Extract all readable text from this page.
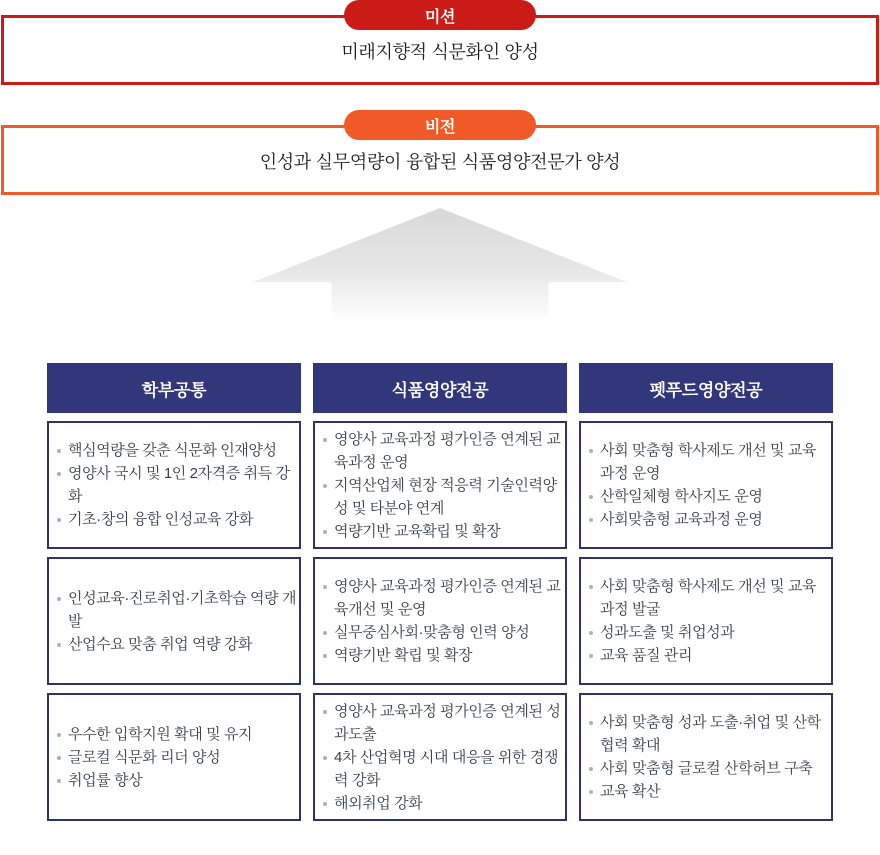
미션
미래지향적 식문화인 양성
비전
인성과 실무역량이 융합된 식품영양전문가 양성
학부공통
핵심역량을 갖춘 식문화 인재양성
영양사 국시 및 1인 2자격증 취득 강화
기초·창의 융합 인성교육 강화
인성교육·진로취업·기초학습 역량 개발
산업수요 맞춤 취업 역량 강화
우수한 입학지원 확대 및 유지
글로컬 식문화 리더 양성
취업률 향상
식품영양전공
영양사 교육과정 평가인증 연계된 교육과정 운영
지역산업체 현장 적응력 기술인력양성 및 타분야 연계
역량기반 교육확립 및 확장
영양사 교육과정 평가인증 연계된 교육개선 및 운영
실무중심사회·맞춤형 인력 양성
역량기반 확립 및 확장
영양사 교육과정 평가인증 연계된 성과도출
4차 산업혁명 시대 대응을 위한 경쟁력 강화
해외취업 강화
펫푸드영양전공
사회 맞춤형 학사제도 개선 및 교육과정 운영
산학일체형 학사지도 운영
사회맞춤형 교육과정 운영
사회 맞춤형 학사제도 개선 및 교육과정 발굴
성과도출 및 취업성과
교육 품질 관리
사회 맞춤형 성과 도출·취업 및 산학협력 확대
사회 맞춤형 글로컬 산학허브 구축
교육 확산
